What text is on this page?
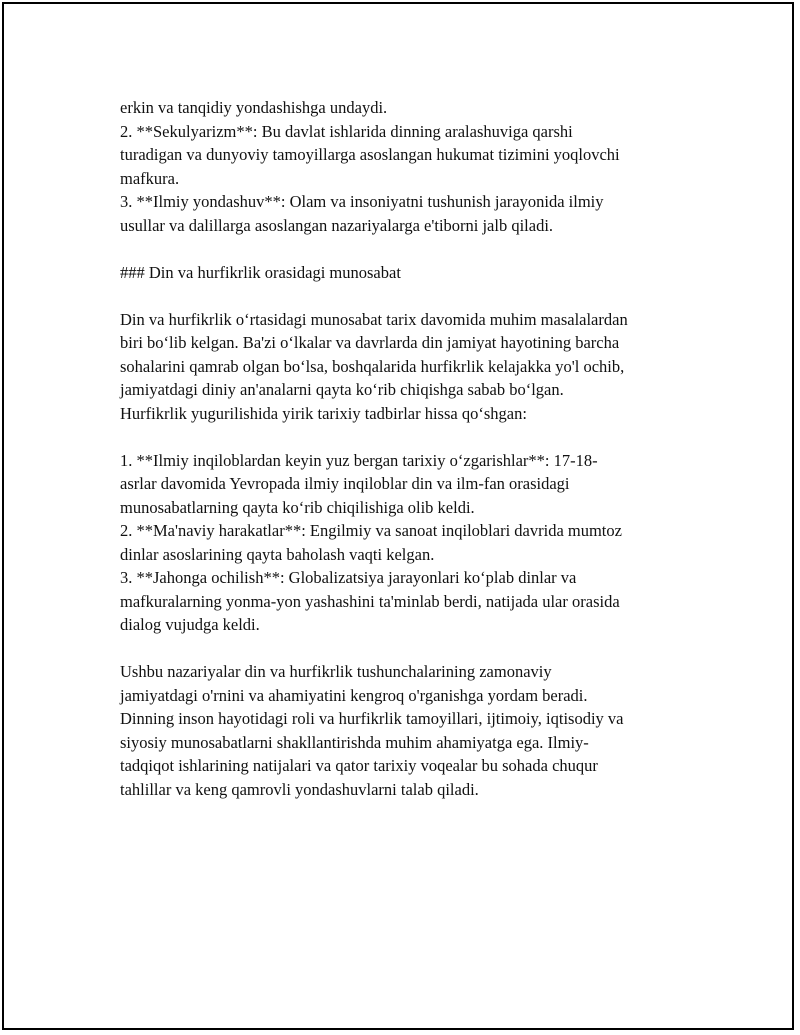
erkin va tanqidiy yondashishga undaydi.
2. **Sekulyarizm**: Bu davlat ishlarida dinning aralashuviga qarshi
turadigan va dunyoviy tamoyillarga asoslangan hukumat tizimini yoqlovchi
mafkura.
3. **Ilmiy yondashuv**: Olam va insoniyatni tushunish jarayonida ilmiy
usullar va dalillarga asoslangan nazariyalarga e'tiborni jalb qiladi.
### Din va hurfikrlik orasidagi munosabat
Din va hurfikrlik o‘rtasidagi munosabat tarix davomida muhim masalalardan
biri bo‘lib kelgan. Ba'zi o‘lkalar va davrlarda din jamiyat hayotining barcha
sohalarini qamrab olgan bo‘lsa, boshqalarida hurfikrlik kelajakka yo'l ochib,
jamiyatdagi diniy an'analarni qayta ko‘rib chiqishga sabab bo‘lgan.
Hurfikrlik yugurilishida yirik tarixiy tadbirlar hissa qo‘shgan:
1. **Ilmiy inqiloblardan keyin yuz bergan tarixiy o‘zgarishlar**: 17-18-
asrlar davomida Yevropada ilmiy inqiloblar din va ilm-fan orasidagi
munosabatlarning qayta ko‘rib chiqilishiga olib keldi.
2. **Ma'naviy harakatlar**: Engilmiy va sanoat inqiloblari davrida mumtoz
dinlar asoslarining qayta baholash vaqti kelgan.
3. **Jahonga ochilish**: Globalizatsiya jarayonlari ko‘plab dinlar va
mafkuralarning yonma-yon yashashini ta'minlab berdi, natijada ular orasida
dialog vujudga keldi.
Ushbu nazariyalar din va hurfikrlik tushunchalarining zamonaviy
jamiyatdagi o'rnini va ahamiyatini kengroq o'rganishga yordam beradi.
Dinning inson hayotidagi roli va hurfikrlik tamoyillari, ijtimoiy, iqtisodiy va
siyosiy munosabatlarni shakllantirishda muhim ahamiyatga ega. Ilmiy-
tadqiqot ishlarining natijalari va qator tarixiy voqealar bu sohada chuqur
tahlillar va keng qamrovli yondashuvlarni talab qiladi.
